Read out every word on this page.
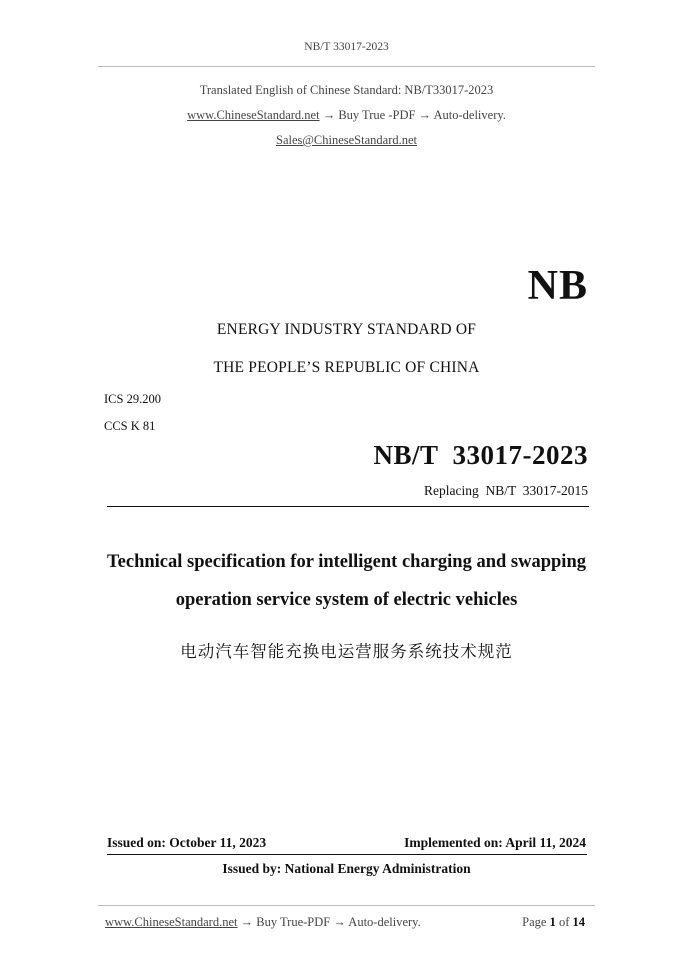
NB/T 33017-2023
Translated English of Chinese Standard: NB/T33017-2023
www.ChineseStandard.net → Buy True -PDF → Auto-delivery.
Sales@ChineseStandard.net
NB
ENERGY INDUSTRY STANDARD OF
THE PEOPLE’S REPUBLIC OF CHINA
ICS 29.200
CCS K 81
NB/T  33017-2023
Replacing  NB/T  33017-2015
Technical specification for intelligent charging and swapping
operation service system of electric vehicles
电动汽车智能充换电运营服务系统技术规范
Issued on: October 11, 2023	Implemented on: April 11, 2024
Issued by: National Energy Administration
www.ChineseStandard.net → Buy True-PDF → Auto-delivery.	Page 1 of 14
